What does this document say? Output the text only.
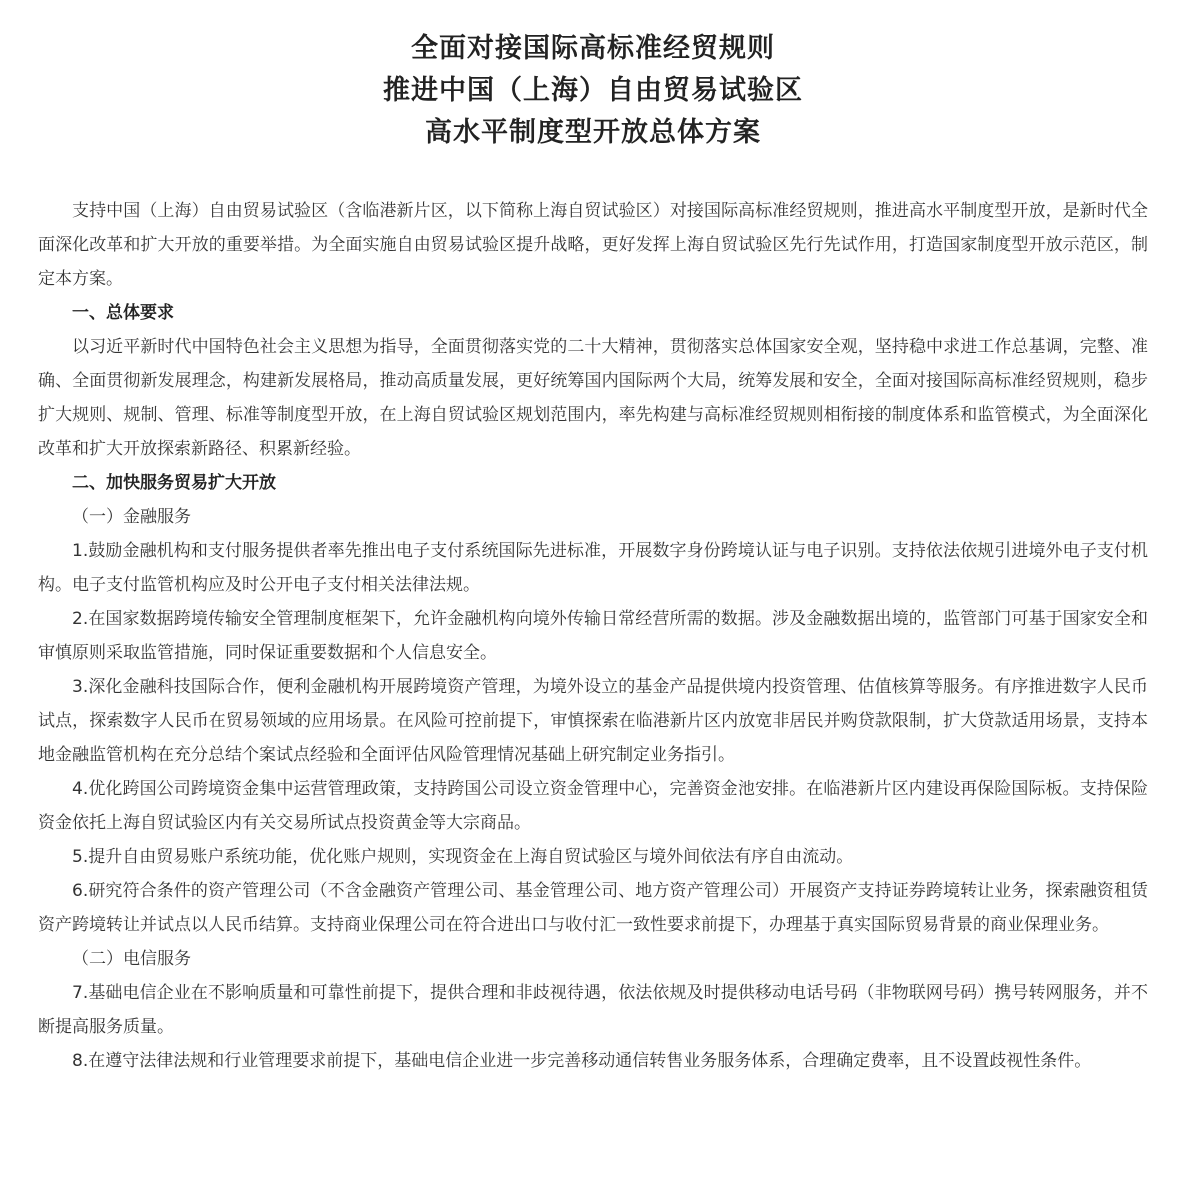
全面对接国际高标准经贸规则
推进中国（上海）自由贸易试验区
高水平制度型开放总体方案

支持中国（上海）自由贸易试验区（含临港新片区，以下简称上海自贸试验区）对接国际高标准经贸规则，推进高水平制度型开放，是新时代全面深化改革和扩大开放的重要举措。为全面实施自由贸易试验区提升战略，更好发挥上海自贸试验区先行先试作用，打造国家制度型开放示范区，制定本方案。

一、总体要求

以习近平新时代中国特色社会主义思想为指导，全面贯彻落实党的二十大精神，贯彻落实总体国家安全观，坚持稳中求进工作总基调，完整、准确、全面贯彻新发展理念，构建新发展格局，推动高质量发展，更好统筹国内国际两个大局，统筹发展和安全，全面对接国际高标准经贸规则，稳步扩大规则、规制、管理、标准等制度型开放，在上海自贸试验区规划范围内，率先构建与高标准经贸规则相衔接的制度体系和监管模式，为全面深化改革和扩大开放探索新路径、积累新经验。

二、加快服务贸易扩大开放

（一）金融服务

1.鼓励金融机构和支付服务提供者率先推出电子支付系统国际先进标准，开展数字身份跨境认证与电子识别。支持依法依规引进境外电子支付机构。电子支付监管机构应及时公开电子支付相关法律法规。

2.在国家数据跨境传输安全管理制度框架下，允许金融机构向境外传输日常经营所需的数据。涉及金融数据出境的，监管部门可基于国家安全和审慎原则采取监管措施，同时保证重要数据和个人信息安全。

3.深化金融科技国际合作，便利金融机构开展跨境资产管理，为境外设立的基金产品提供境内投资管理、估值核算等服务。有序推进数字人民币试点，探索数字人民币在贸易领域的应用场景。在风险可控前提下，审慎探索在临港新片区内放宽非居民并购贷款限制，扩大贷款适用场景，支持本地金融监管机构在充分总结个案试点经验和全面评估风险管理情况基础上研究制定业务指引。

4.优化跨国公司跨境资金集中运营管理政策，支持跨国公司设立资金管理中心，完善资金池安排。在临港新片区内建设再保险国际板。支持保险资金依托上海自贸试验区内有关交易所试点投资黄金等大宗商品。

5.提升自由贸易账户系统功能，优化账户规则，实现资金在上海自贸试验区与境外间依法有序自由流动。

6.研究符合条件的资产管理公司（不含金融资产管理公司、基金管理公司、地方资产管理公司）开展资产支持证券跨境转让业务，探索融资租赁资产跨境转让并试点以人民币结算。支持商业保理公司在符合进出口与收付汇一致性要求前提下，办理基于真实国际贸易背景的商业保理业务。

（二）电信服务

7.基础电信企业在不影响质量和可靠性前提下，提供合理和非歧视待遇，依法依规及时提供移动电话号码（非物联网号码）携号转网服务，并不断提高服务质量。

8.在遵守法律法规和行业管理要求前提下，基础电信企业进一步完善移动通信转售业务服务体系，合理确定费率，且不设置歧视性条件。
